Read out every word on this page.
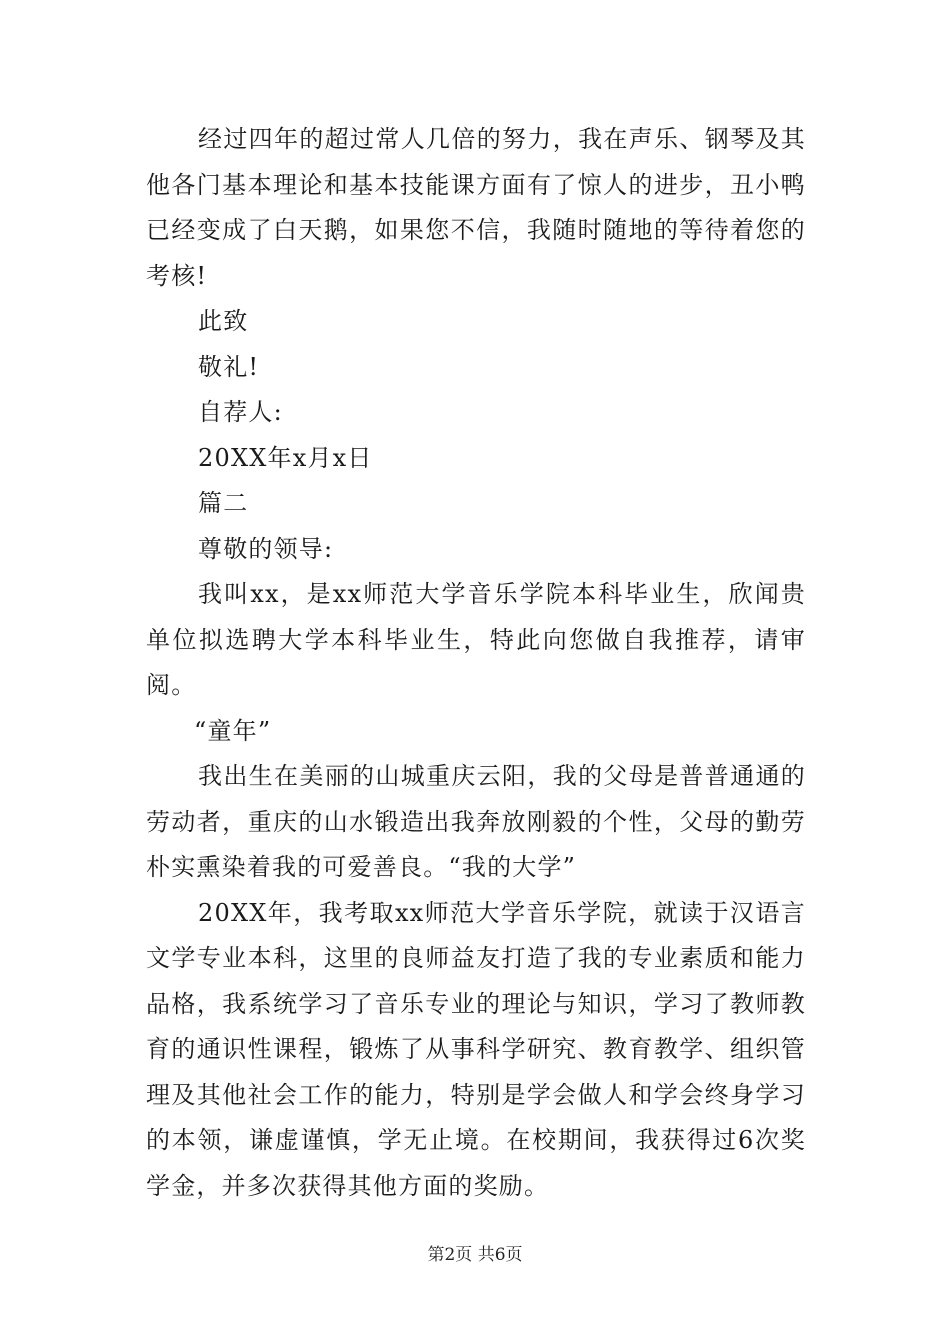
经过四年的超过常人几倍的努力，我在声乐、钢琴及其他各门基本理论和基本技能课方面有了惊人的进步，丑小鸭已经变成了白天鹅，如果您不信，我随时随地的等待着您的考核!

此致

敬礼!

自荐人:

20XX年x月x日

篇二

尊敬的领导:

我叫xx，是xx师范大学音乐学院本科毕业生，欣闻贵单位拟选聘大学本科毕业生，特此向您做自我推荐，请审阅。

“童年”

我出生在美丽的山城重庆云阳，我的父母是普普通通的劳动者，重庆的山水锻造出我奔放刚毅的个性，父母的勤劳朴实熏染着我的可爱善良。“我的大学”

20XX年，我考取xx师范大学音乐学院，就读于汉语言文学专业本科，这里的良师益友打造了我的专业素质和能力品格，我系统学习了音乐专业的理论与知识，学习了教师教育的通识性课程，锻炼了从事科学研究、教育教学、组织管理及其他社会工作的能力，特别是学会做人和学会终身学习的本领，谦虚谨慎，学无止境。在校期间，我获得过6次奖学金，并多次获得其他方面的奖励。

第2页 共6页
